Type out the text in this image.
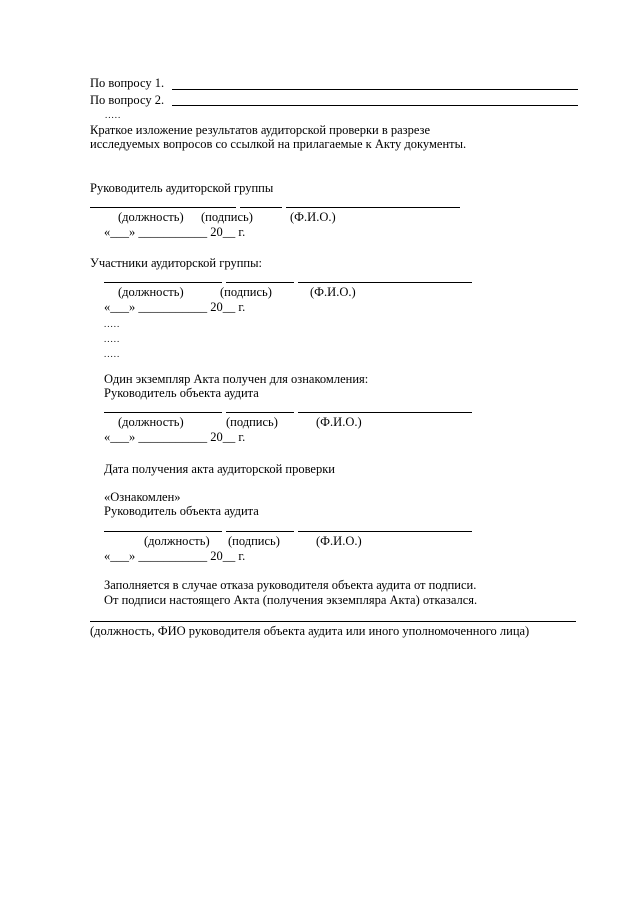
По вопросу 1.
По вопросу 2.
.....
Краткое изложение результатов аудиторской проверки в разрезе
исследуемых вопросов со ссылкой на прилагаемые к Акту документы.
Руководитель аудиторской группы
(должность) (подпись)	(Ф.И.О.)
«___» ___________ 20__ г.
Участники аудиторской группы:
(должность)	(подпись)	(Ф.И.О.)
«___» ___________ 20__ г.
.....
.....
.....
Один экземпляр Акта получен для ознакомления:
Руководитель объекта аудита
(должность)	(подпись)	(Ф.И.О.)
«___» ___________ 20__ г.
Дата получения акта аудиторской проверки
«Ознакомлен»
Руководитель объекта аудита
(должность) (подпись)	(Ф.И.О.)
«___» ___________ 20__ г.
Заполняется в случае отказа руководителя объекта аудита от подписи.
От подписи настоящего Акта (получения экземпляра Акта) отказался.
(должность, ФИО руководителя объекта аудита или иного уполномоченного лица)
